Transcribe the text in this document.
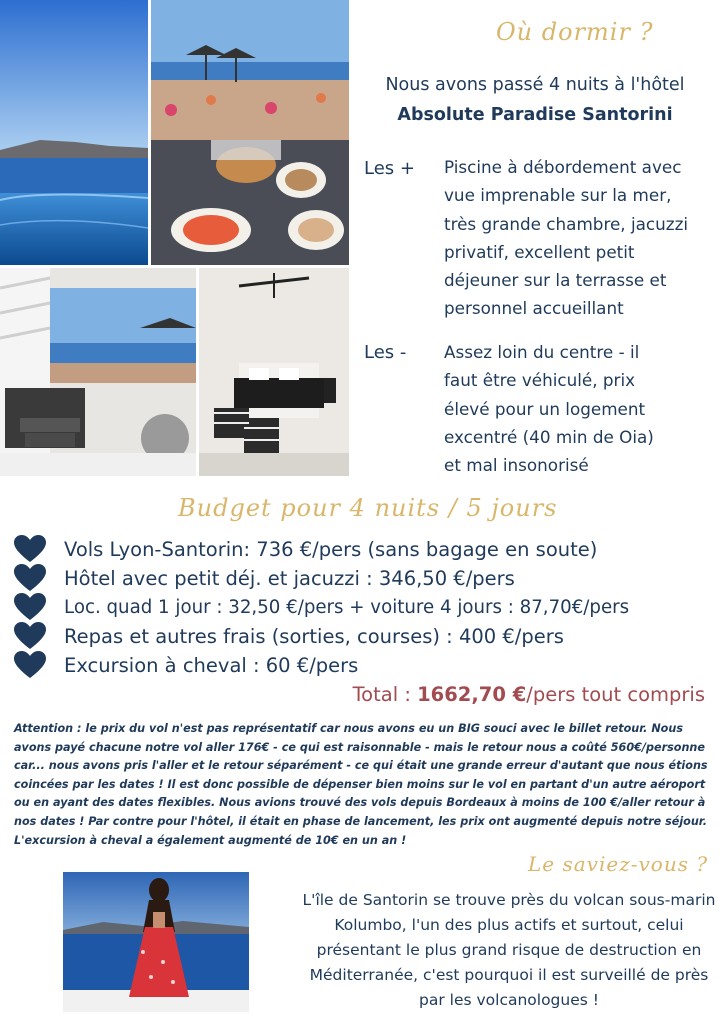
Où dormir ?
Nous avons passé 4 nuits à l'hôtel
Absolute Paradise Santorini
Les + Piscine à débordement avec
vue imprenable sur la mer,
très grande chambre, jacuzzi
privatif, excellent petit
déjeuner sur la terrasse et
personnel accueillant
Les - Assez loin du centre - il
faut être véhiculé, prix
élevé pour un logement
excentré (40 min de Oia)
et mal insonorisé
Budget pour 4 nuits / 5 jours
Vols Lyon-Santorin: 736 €/pers (sans bagage en soute)
Hôtel avec petit déj. et jacuzzi : 346,50 €/pers
Loc. quad 1 jour : 32,50 €/pers + voiture 4 jours : 87,70€/pers
Repas et autres frais (sorties, courses) : 400 €/pers
Excursion à cheval : 60 €/pers
Total : 1662,70 €/pers tout compris
Attention : le prix du vol n'est pas représentatif car nous avons eu un BIG souci avec le billet retour. Nous avons payé chacune notre vol aller 176€ - ce qui est raisonnable - mais le retour nous a coûté 560€/personne car... nous avons pris l'aller et le retour séparément - ce qui était une grande erreur d'autant que nous étions coincées par les dates ! Il est donc possible de dépenser bien moins sur le vol en partant d'un autre aéroport ou en ayant des dates flexibles. Nous avions trouvé des vols depuis Bordeaux à moins de 100 €/aller retour à nos dates ! Par contre pour l'hôtel, il était en phase de lancement, les prix ont augmenté depuis notre séjour. L'excursion à cheval a également augmenté de 10€ en un an !
Le saviez-vous ?
L'île de Santorin se trouve près du volcan sous-marin Kolumbo, l'un des plus actifs et surtout, celui présentant le plus grand risque de destruction en Méditerranée, c'est pourquoi il est surveillé de près par les volcanologues !
